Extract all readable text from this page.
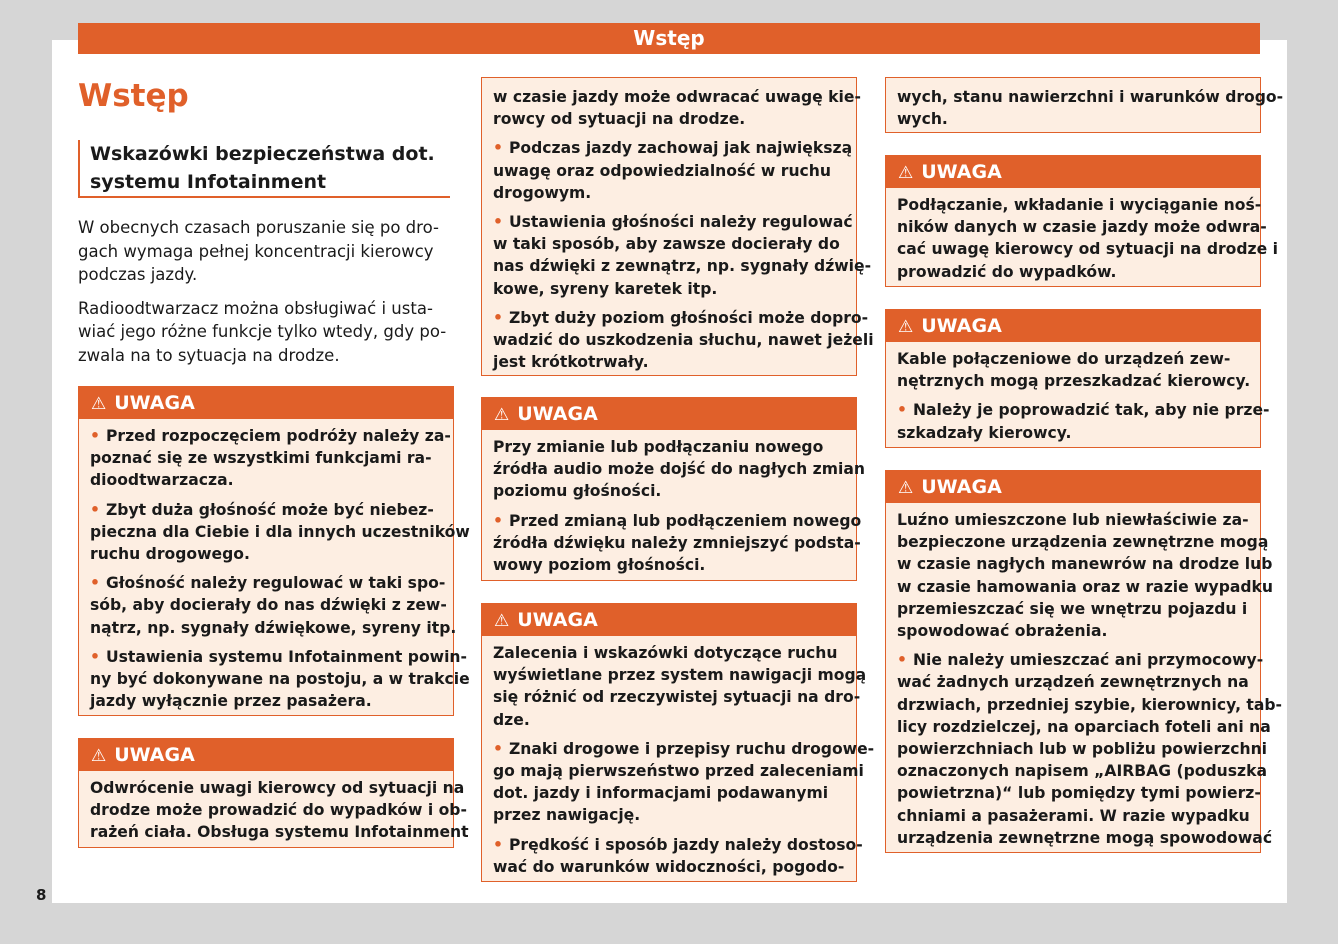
Wstęp
Wstęp
Wskazówki bezpieczeństwa dot.
systemu Infotainment

W obecnych czasach poruszanie się po dro-
gach wymaga pełnej koncentracji kierowcy
podczas jazdy.

Radioodtwarzacz można obsługiwać i usta-
wiać jego różne funkcje tylko wtedy, gdy po-
zwala na to sytuacja na drodze.

⚠ UWAGA

• Przed rozpoczęciem podróży należy za-
poznać się ze wszystkimi funkcjami ra-
dioodtwarzacza.

• Zbyt duża głośność może być niebez-
pieczna dla Ciebie i dla innych uczestników
ruchu drogowego.

• Głośność należy regulować w taki spo-
sób, aby docierały do nas dźwięki z zew-
nątrz, np. sygnały dźwiękowe, syreny itp.

• Ustawienia systemu Infotainment powin-
ny być dokonywane na postoju, a w trakcie
jazdy wyłącznie przez pasażera.

⚠ UWAGA

Odwrócenie uwagi kierowcy od sytuacji na
drodze może prowadzić do wypadków i ob-
rażeń ciała. Obsługa systemu Infotainment

w czasie jazdy może odwracać uwagę kie-
rowcy od sytuacji na drodze.

• Podczas jazdy zachowaj jak największą
uwagę oraz odpowiedzialność w ruchu
drogowym.

• Ustawienia głośności należy regulować
w taki sposób, aby zawsze docierały do
nas dźwięki z zewnątrz, np. sygnały dźwię-
kowe, syreny karetek itp.

• Zbyt duży poziom głośności może dopro-
wadzić do uszkodzenia słuchu, nawet jeżeli
jest krótkotrwały.

⚠ UWAGA

Przy zmianie lub podłączaniu nowego
źródła audio może dojść do nagłych zmian
poziomu głośności.

• Przed zmianą lub podłączeniem nowego
źródła dźwięku należy zmniejszyć podsta-
wowy poziom głośności.

⚠ UWAGA

Zalecenia i wskazówki dotyczące ruchu
wyświetlane przez system nawigacji mogą
się różnić od rzeczywistej sytuacji na dro-
dze.

• Znaki drogowe i przepisy ruchu drogowe-
go mają pierwszeństwo przed zaleceniami
dot. jazdy i informacjami podawanymi
przez nawigację.

• Prędkość i sposób jazdy należy dostoso-
wać do warunków widoczności, pogodo-

wych, stanu nawierzchni i warunków drogo-
wych.

⚠ UWAGA

Podłączanie, wkładanie i wyciąganie noś-
ników danych w czasie jazdy może odwra-
cać uwagę kierowcy od sytuacji na drodze i
prowadzić do wypadków.

⚠ UWAGA

Kable połączeniowe do urządzeń zew-
nętrznych mogą przeszkadzać kierowcy.

• Należy je poprowadzić tak, aby nie prze-
szkadzały kierowcy.

⚠ UWAGA

Luźno umieszczone lub niewłaściwie za-
bezpieczone urządzenia zewnętrzne mogą
w czasie nagłych manewrów na drodze lub
w czasie hamowania oraz w razie wypadku
przemieszczać się we wnętrzu pojazdu i
spowodować obrażenia.

• Nie należy umieszczać ani przymocowy-
wać żadnych urządzeń zewnętrznych na
drzwiach, przedniej szybie, kierownicy, tab-
licy rozdzielczej, na oparciach foteli ani na
powierzchniach lub w pobliżu powierzchni
oznaczonych napisem „AIRBAG (poduszka
powietrzna)“ lub pomiędzy tymi powierz-
chniami a pasażerami. W razie wypadku
urządzenia zewnętrzne mogą spowodować

8
